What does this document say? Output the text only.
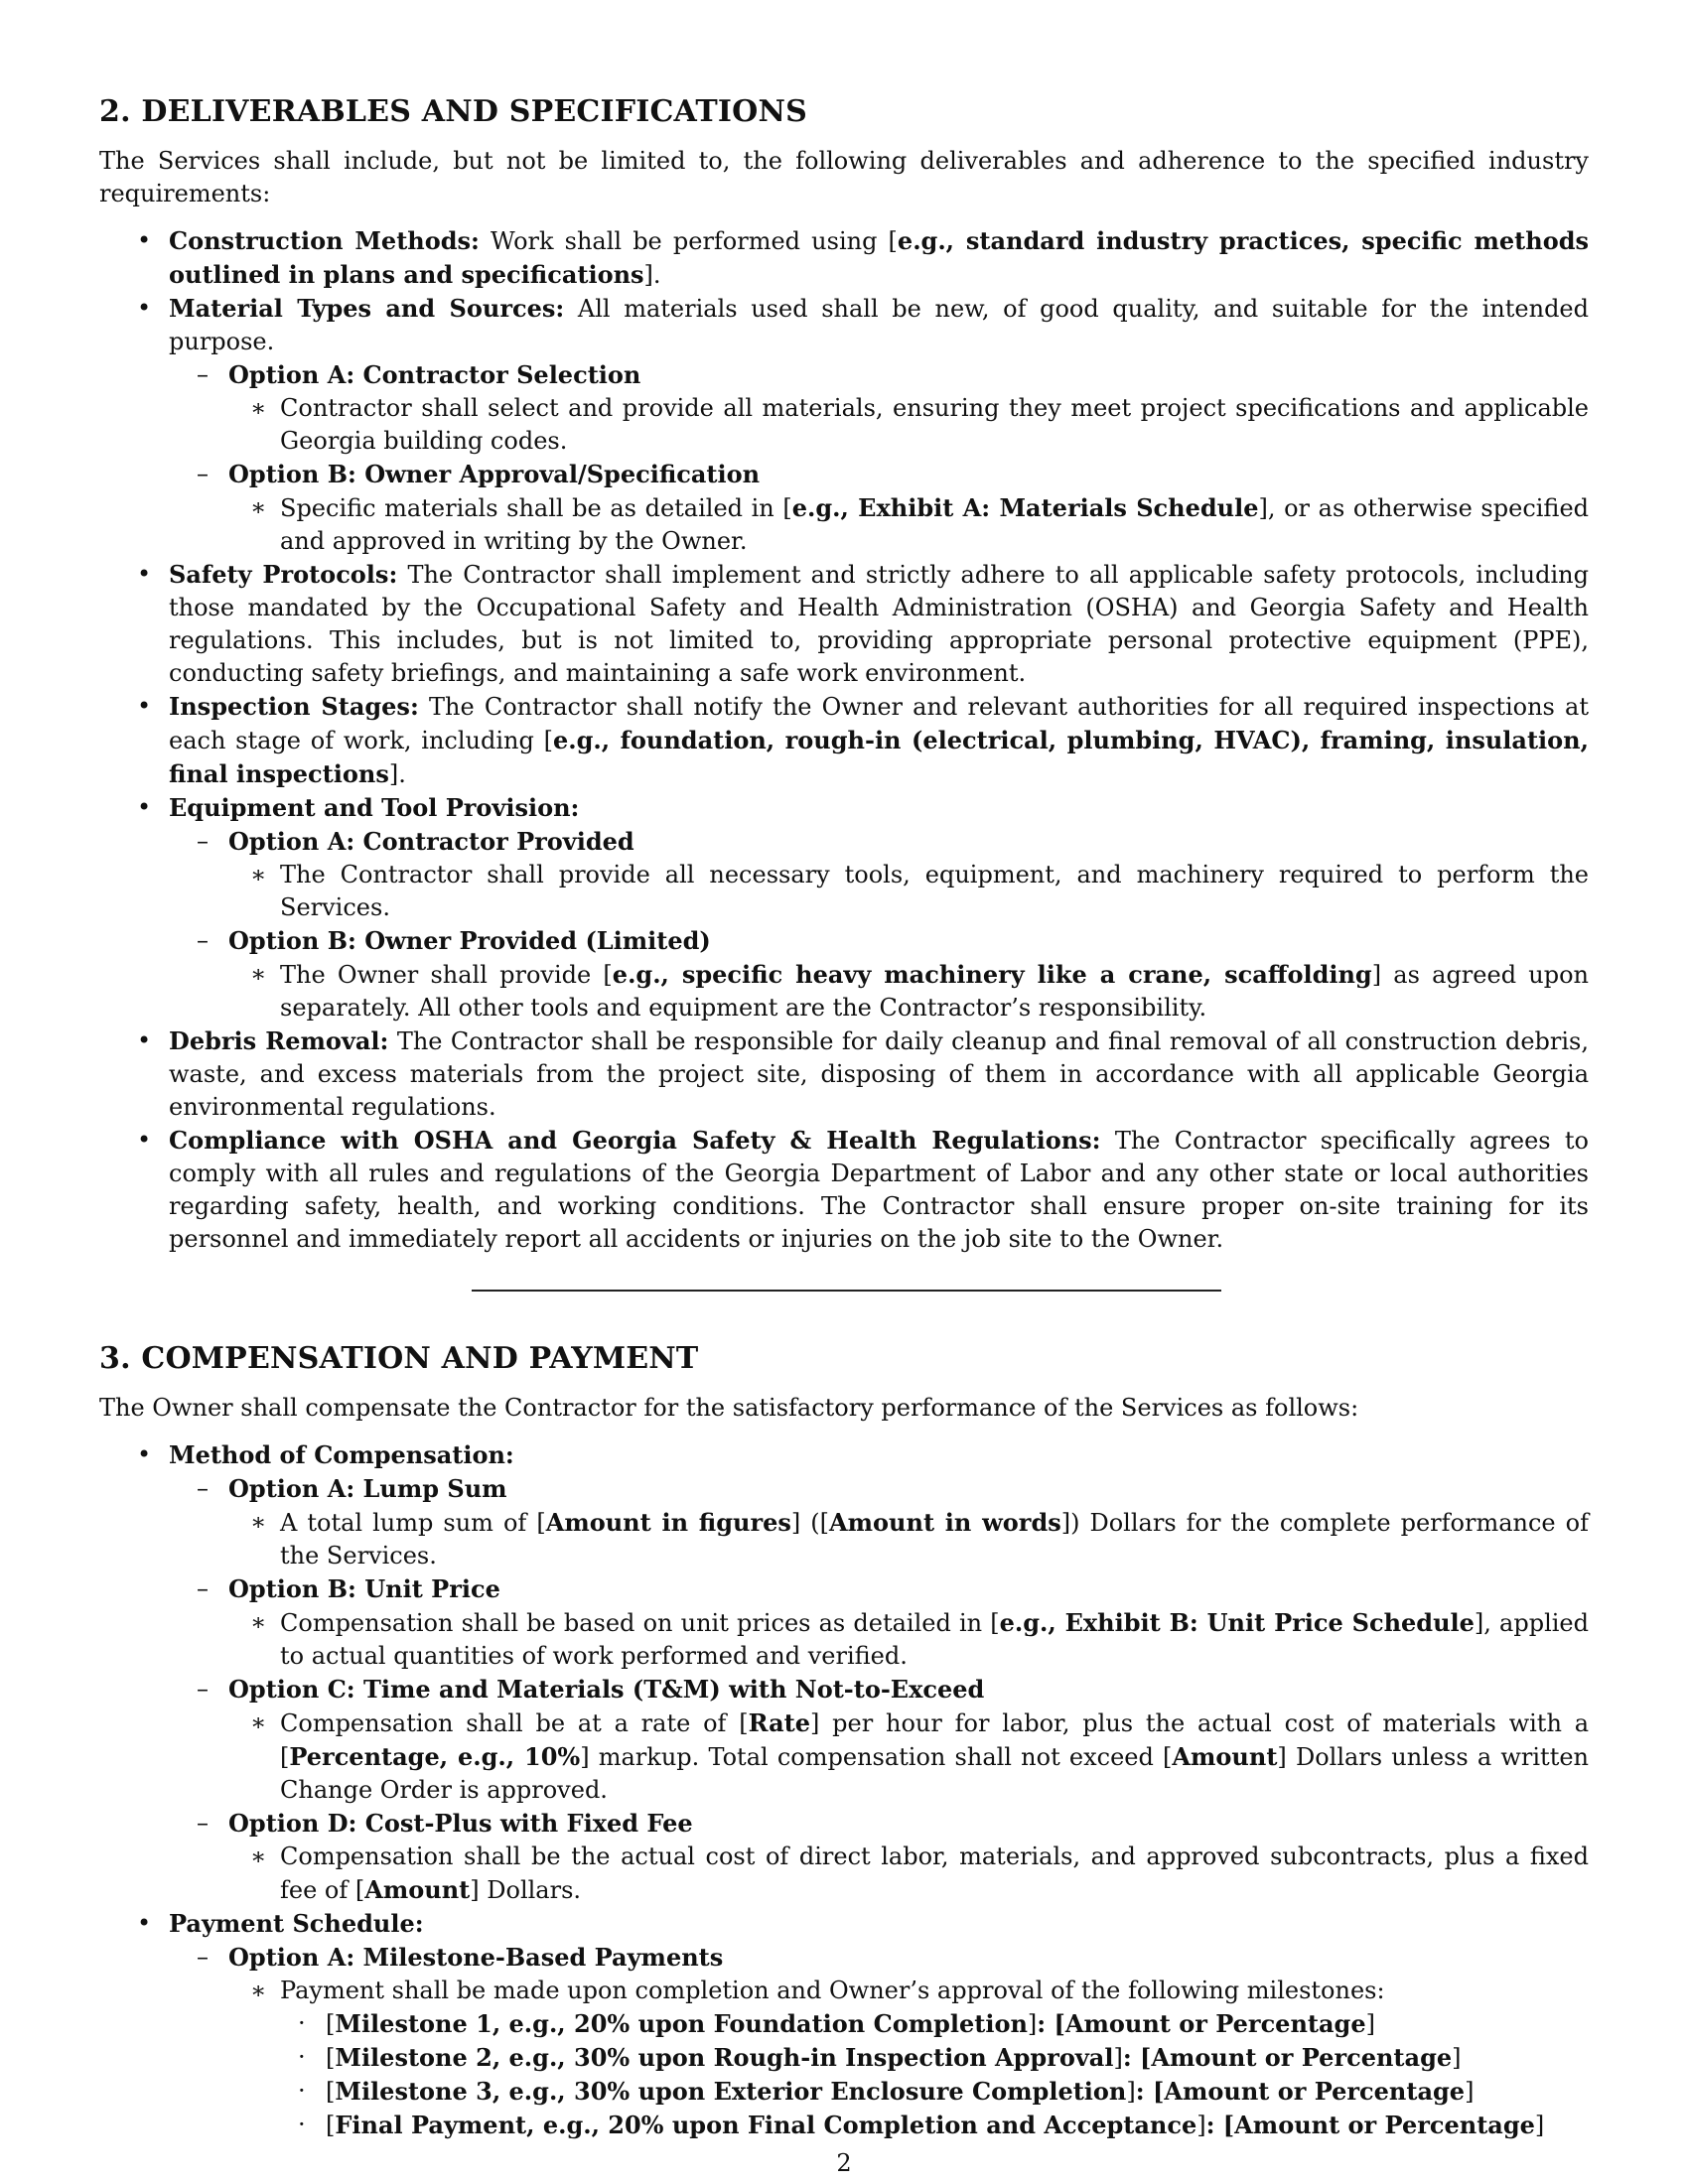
2. DELIVERABLES AND SPECIFICATIONS

The Services shall include, but not be limited to, the following deliverables and adherence to the specified industry requirements:

• Construction Methods: Work shall be performed using [e.g., standard industry practices, specific methods outlined in plans and specifications].
• Material Types and Sources: All materials used shall be new, of good quality, and suitable for the intended purpose.
– Option A: Contractor Selection
∗ Contractor shall select and provide all materials, ensuring they meet project specifications and applicable Georgia building codes.
– Option B: Owner Approval/Specification
∗ Specific materials shall be as detailed in [e.g., Exhibit A: Materials Schedule], or as otherwise specified and approved in writing by the Owner.
• Safety Protocols: The Contractor shall implement and strictly adhere to all applicable safety protocols, including those mandated by the Occupational Safety and Health Administration (OSHA) and Georgia Safety and Health regulations. This includes, but is not limited to, providing appropriate personal protective equipment (PPE), conducting safety briefings, and maintaining a safe work environment.
• Inspection Stages: The Contractor shall notify the Owner and relevant authorities for all required inspections at each stage of work, including [e.g., foundation, rough-in (electrical, plumbing, HVAC), framing, insulation, final inspections].
• Equipment and Tool Provision:
– Option A: Contractor Provided
∗ The Contractor shall provide all necessary tools, equipment, and machinery required to perform the Services.
– Option B: Owner Provided (Limited)
∗ The Owner shall provide [e.g., specific heavy machinery like a crane, scaffolding] as agreed upon separately. All other tools and equipment are the Contractor’s responsibility.
• Debris Removal: The Contractor shall be responsible for daily cleanup and final removal of all construction debris, waste, and excess materials from the project site, disposing of them in accordance with all applicable Georgia environmental regulations.
• Compliance with OSHA and Georgia Safety & Health Regulations: The Contractor specifically agrees to comply with all rules and regulations of the Georgia Department of Labor and any other state or local authorities regarding safety, health, and working conditions. The Contractor shall ensure proper on-site training for its personnel and immediately report all accidents or injuries on the job site to the Owner.
3. COMPENSATION AND PAYMENT

The Owner shall compensate the Contractor for the satisfactory performance of the Services as follows:

• Method of Compensation:
– Option A: Lump Sum
∗ A total lump sum of [Amount in figures] ([Amount in words]) Dollars for the complete performance of the Services.
– Option B: Unit Price
∗ Compensation shall be based on unit prices as detailed in [e.g., Exhibit B: Unit Price Schedule], applied to actual quantities of work performed and verified.
– Option C: Time and Materials (T&M) with Not-to-Exceed
∗ Compensation shall be at a rate of [Rate] per hour for labor, plus the actual cost of materials with a [Percentage, e.g., 10%] markup. Total compensation shall not exceed [Amount] Dollars unless a written Change Order is approved.
– Option D: Cost-Plus with Fixed Fee
∗ Compensation shall be the actual cost of direct labor, materials, and approved subcontracts, plus a fixed fee of [Amount] Dollars.
• Payment Schedule:
– Option A: Milestone-Based Payments
∗ Payment shall be made upon completion and Owner’s approval of the following milestones:
· [Milestone 1, e.g., 20% upon Foundation Completion]: [Amount or Percentage]
· [Milestone 2, e.g., 30% upon Rough-in Inspection Approval]: [Amount or Percentage]
· [Milestone 3, e.g., 30% upon Exterior Enclosure Completion]: [Amount or Percentage]
· [Final Payment, e.g., 20% upon Final Completion and Acceptance]: [Amount or Percentage]
2
